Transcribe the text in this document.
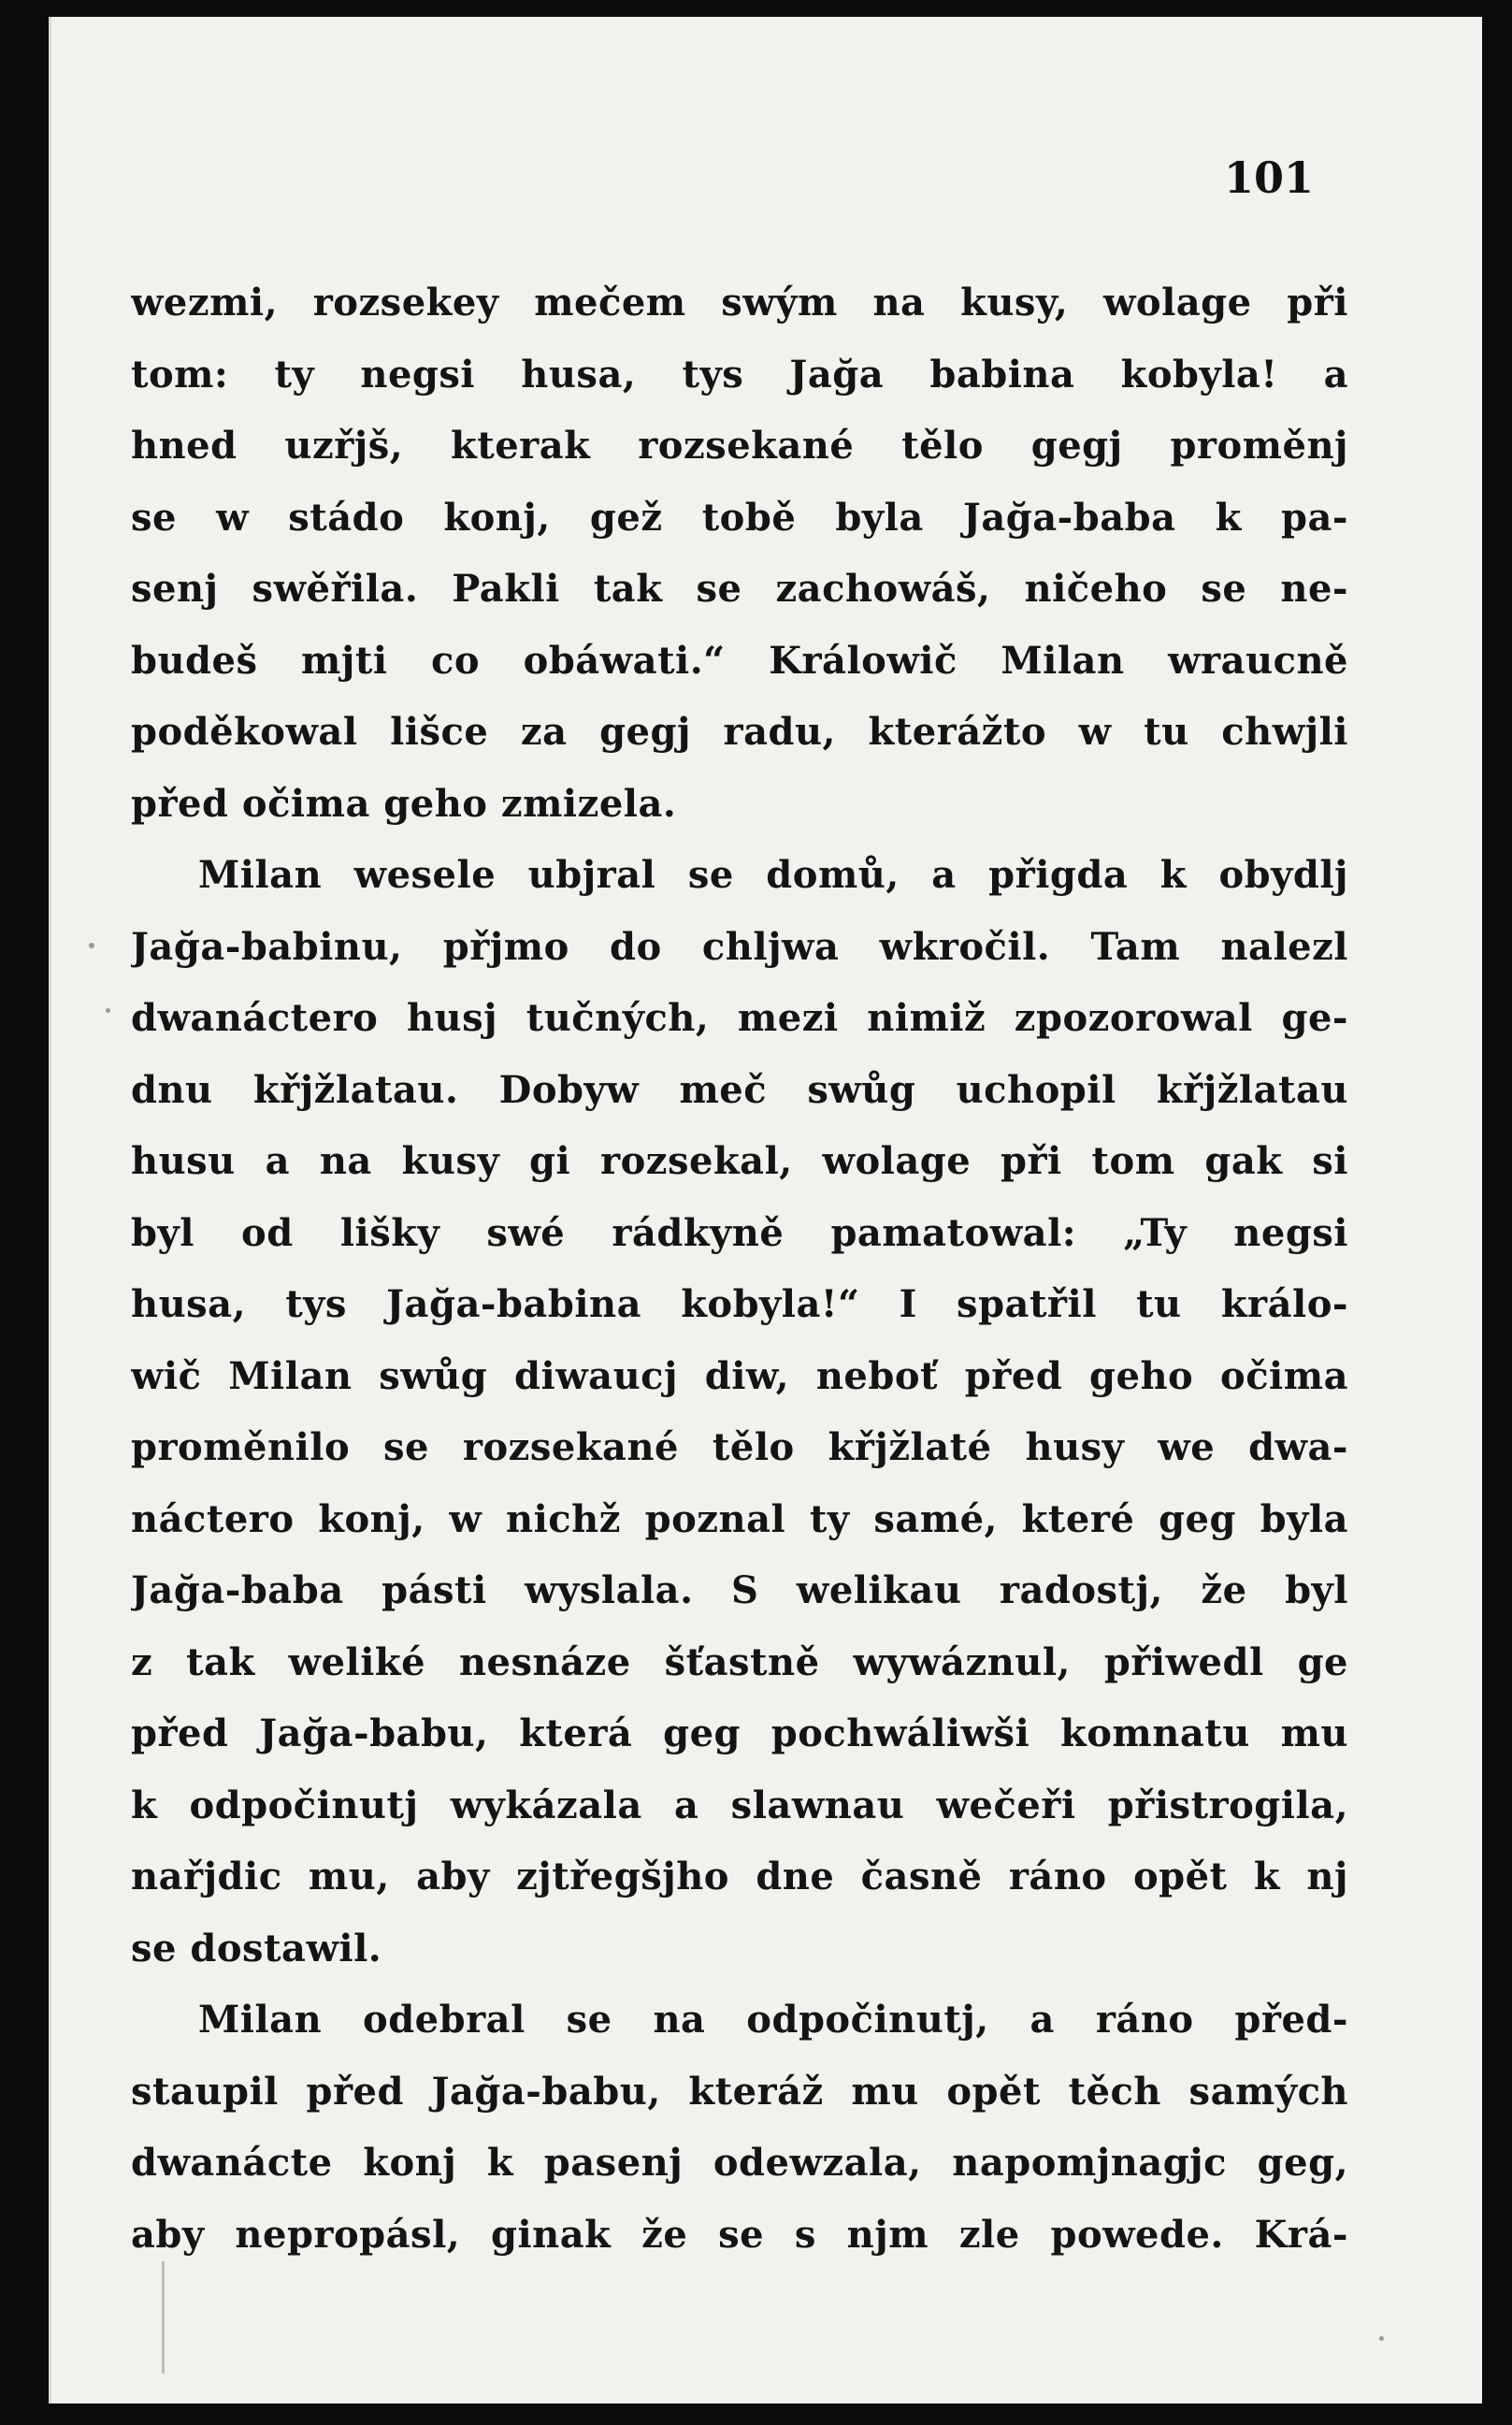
101
wezmi, rozsekey mečem swým na kusy, wolage při
tom: ty negsi husa, tys Jağa babina kobyla! a
hned uzřjš, kterak rozsekané tělo gegj proměnj
se w stádo konj, gež tobě byla Jağa-baba k pa-
senj swěřila. Pakli tak se zachowáš, ničeho se ne-
budeš mjti co obáwati.“ Králowič Milan wraucně
poděkowal lišce za gegj radu, kterážto w tu chwjli
před očima geho zmizela.
Milan wesele ubjral se domů, a přigda k obydlj
Jağa-babinu, přjmo do chljwa wkročil. Tam nalezl
dwanáctero husj tučných, mezi nimiž zpozorowal ge-
dnu křjžlatau. Dobyw meč swůg uchopil křjžlatau
husu a na kusy gi rozsekal, wolage při tom gak si
byl od lišky swé rádkyně pamatowal: „Ty negsi
husa, tys Jağa-babina kobyla!“ I spatřil tu králo-
wič Milan swůg diwaucj diw, neboť před geho očima
proměnilo se rozsekané tělo křjžlaté husy we dwa-
náctero konj, w nichž poznal ty samé, které geg byla
Jağa-baba pásti wyslala. S welikau radostj, že byl
z tak weliké nesnáze šťastně wywáznul, přiwedl ge
před Jağa-babu, která geg pochwáliwši komnatu mu
k odpočinutj wykázala a slawnau wečeři přistrogila,
nařjdic mu, aby zjtřegšjho dne časně ráno opět k nj
se dostawil.
Milan odebral se na odpočinutj, a ráno před-
staupil před Jağa-babu, kteráž mu opět těch samých
dwanácte konj k pasenj odewzala, napomjnagjc geg,
aby nepropásl, ginak že se s njm zle powede. Krá-
